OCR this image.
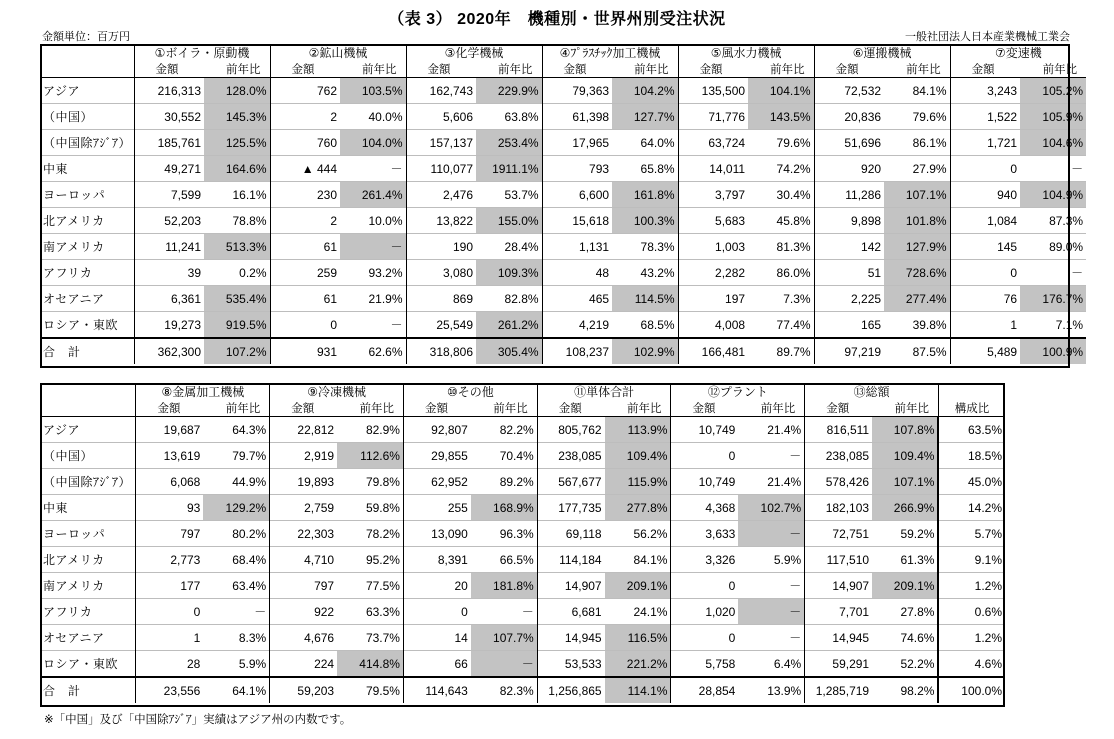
（表 3） 2020年　機種別・世界州別受注状況
金額単位：百万円	一般社団法人日本産業機械工業会

	①ボイラ・原動機		②鉱山機械		③化学機械		④ﾌﾟﾗｽﾁｯｸ加工機械		⑤風水力機械		⑥運搬機械		⑦変速機	

	金額 前年比		金額 前年比		金額 前年比		金額 前年比		金額 前年比		金額 前年比		金額 前年比	

アジア	216,313	128.0%	762	103.5%	162,743	229.9%	79,363	104.2%	135,500	104.1%	72,532	84.1%	3,243	105.2%
（中国）	30,552	145.3%	2	40.0%	5,606	63.8%	61,398	127.7%	71,776	143.5%	20,836	79.6%	1,522	105.9%
（中国除ｱｼﾞｱ）	185,761	125.5%	760	104.0%	157,137	253.4%	17,965	64.0%	63,724	79.6%	51,696	86.1%	1,721	104.6%
中東	49,271	164.6%	▲ 444	－	110,077	1911.1%	793	65.8%	14,011	74.2%	920	27.9%	0	－
ヨーロッパ	7,599	16.1%	230	261.4%	2,476	53.7%	6,600	161.8%	3,797	30.4%	11,286	107.1%	940	104.9%
北アメリカ	52,203	78.8%	2	10.0%	13,822	155.0%	15,618	100.3%	5,683	45.8%	9,898	101.8%	1,084	87.3%
南アメリカ	11,241	513.3%	61	－	190	28.4%	1,131	78.3%	1,003	81.3%	142	127.9%	145	89.0%
アフリカ	39	0.2%	259	93.2%	3,080	109.3%	48	43.2%	2,282	86.0%	51	728.6%	0	－
オセアニア	6,361	535.4%	61	21.9%	869	82.8%	465	114.5%	197	7.3%	2,225	277.4%	76	176.7%
ロシア・東欧	19,273	919.5%	0	－	25,549	261.2%	4,219	68.5%	4,008	77.4%	165	39.8%	1	7.1%
合　計	362,300	107.2%	931	62.6%	318,806	305.4%	108,237	102.9%	166,481	89.7%	97,219	87.5%	5,489	100.9%

	⑧金属加工機械		⑨冷凍機械		⑩その他		⑪単体合計		⑫プラント		⑬総額		

	金額 前年比		金額 前年比		金額 前年比		金額 前年比		金額 前年比		金額 前年比		構成比
アジア	19,687	64.3%	22,812	82.9%	92,807	82.2%	805,762	113.9%	10,749	21.4%	816,511	107.8%	63.5%
（中国）	13,619	79.7%	2,919	112.6%	29,855	70.4%	238,085	109.4%	0	－	238,085	109.4%	18.5%
（中国除ｱｼﾞｱ）	6,068	44.9%	19,893	79.8%	62,952	89.2%	567,677	115.9%	10,749	21.4%	578,426	107.1%	45.0%
中東	93	129.2%	2,759	59.8%	255	168.9%	177,735	277.8%	4,368	102.7%	182,103	266.9%	14.2%
ヨーロッパ	797	80.2%	22,303	78.2%	13,090	96.3%	69,118	56.2%	3,633	－	72,751	59.2%	5.7%
北アメリカ	2,773	68.4%	4,710	95.2%	8,391	66.5%	114,184	84.1%	3,326	5.9%	117,510	61.3%	9.1%
南アメリカ	177	63.4%	797	77.5%	20	181.8%	14,907	209.1%	0	－	14,907	209.1%	1.2%
アフリカ	0	－	922	63.3%	0	－	6,681	24.1%	1,020	－	7,701	27.8%	0.6%
オセアニア	1	8.3%	4,676	73.7%	14	107.7%	14,945	116.5%	0	－	14,945	74.6%	1.2%
ロシア・東欧	28	5.9%	224	414.8%	66	－	53,533	221.2%	5,758	6.4%	59,291	52.2%	4.6%
合　計	23,556	64.1%	59,203	79.5%	114,643	82.3%	1,256,865	114.1%	28,854	13.9%	1,285,719	98.2%	100.0%
※「中国」及び「中国除ｱｼﾞｱ」実績はアジア州の内数です。
